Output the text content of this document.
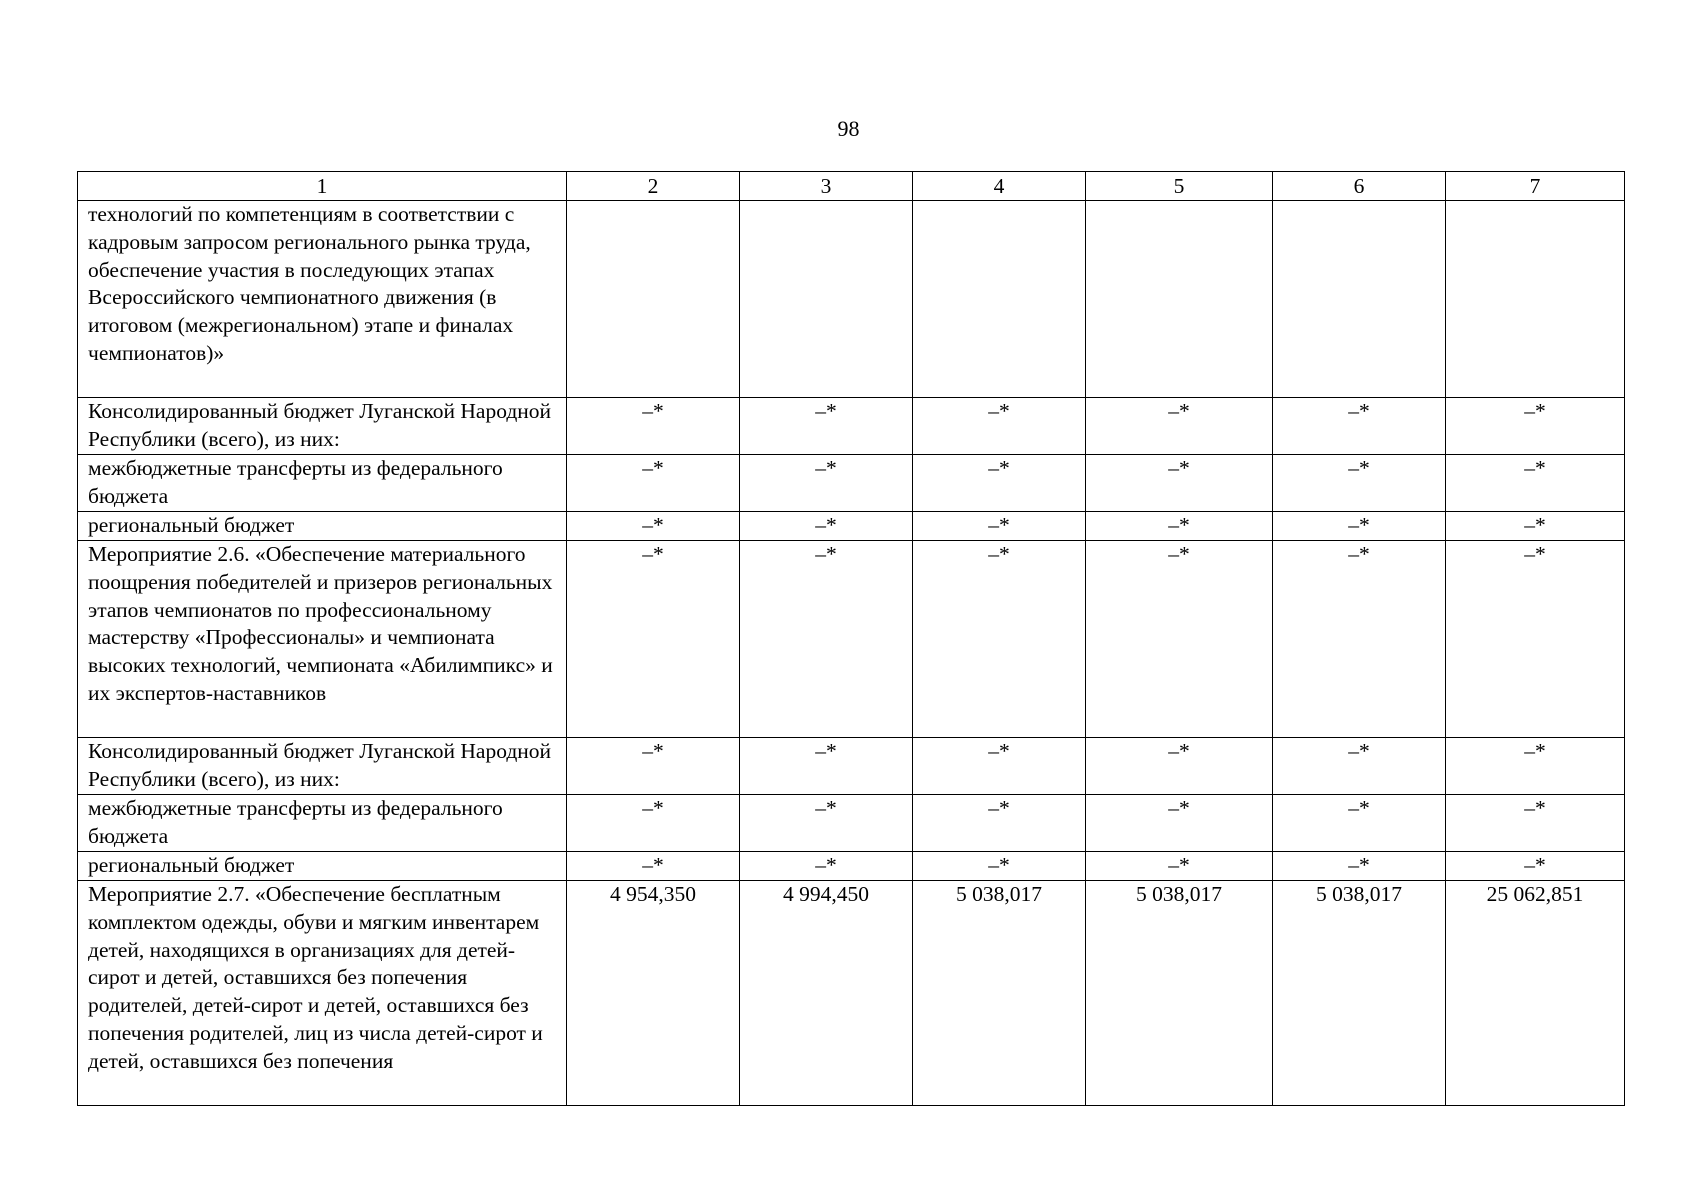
98
1	2	3	4	5	6	7
технологий по компетенциям в соответствии с кадровым запросом регионального рынка труда, обеспечение участия в последующих этапах Всероссийского чемпионатного движения (в итоговом (межрегиональном) этапе и финалах чемпионатов)»						
Консолидированный бюджет Луганской Народной Республики (всего), из них:	–*	–*	–*	–*	–*	–*
межбюджетные трансферты из федерального бюджета	–*	–*	–*	–*	–*	–*
региональный бюджет	–*	–*	–*	–*	–*	–*
Мероприятие 2.6. «Обеспечение материального поощрения победителей и призеров региональных этапов чемпионатов по профессиональному мастерству «Профессионалы» и чемпионата высоких технологий, чемпионата «Абилимпикс» и их экспертов-наставников	–*	–*	–*	–*	–*	–*
Консолидированный бюджет Луганской Народной Республики (всего), из них:	–*	–*	–*	–*	–*	–*
межбюджетные трансферты из федерального бюджета	–*	–*	–*	–*	–*	–*
региональный бюджет	–*	–*	–*	–*	–*	–*
Мероприятие 2.7. «Обеспечение бесплатным комплектом одежды, обуви и мягким инвентарем детей, находящихся в организациях для детей-сирот и детей, оставшихся без попечения родителей, детей-сирот и детей, оставшихся без попечения родителей, лиц из числа детей-сирот и детей, оставшихся без попечения	4 954,350	4 994,450	5 038,017	5 038,017	5 038,017	25 062,851
